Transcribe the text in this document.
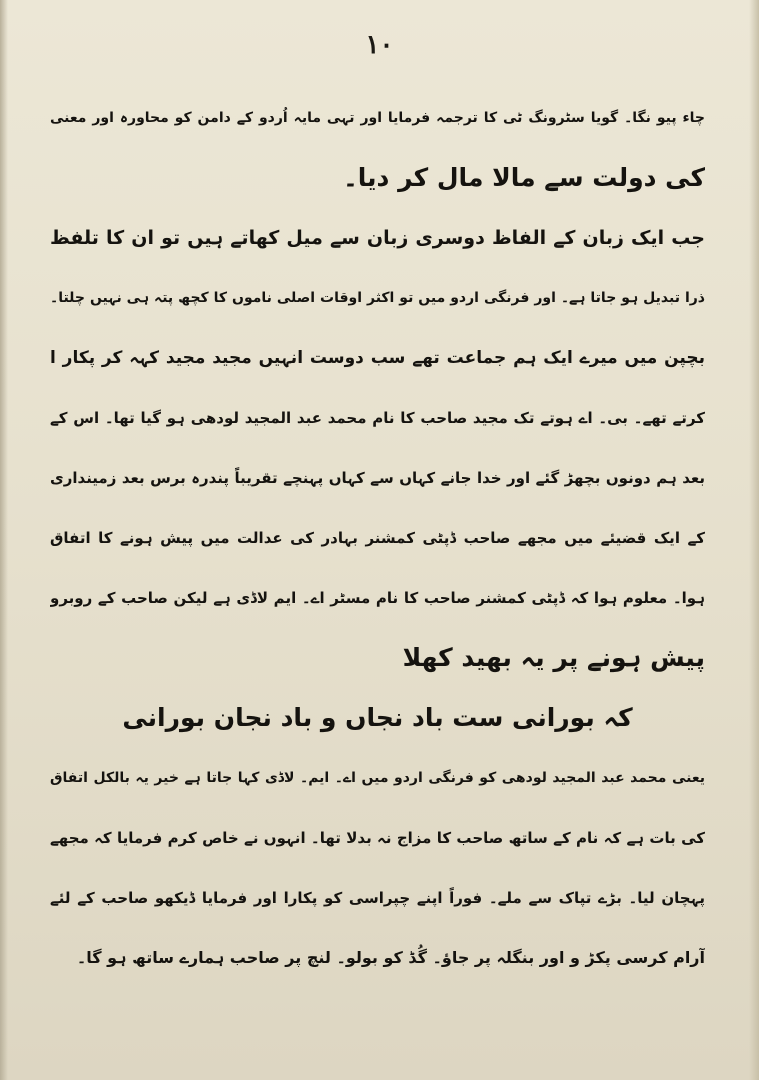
١٠
چاء پیو نگا۔ گویا سٹرونگ ٹی کا ترجمہ فرمایا اور تہی مایہ اُردو کے دامن کو محاورہ اور معنی
کی دولت سے مالا مال کر دیا۔
جب ایک زبان کے الفاظ دوسری زبان سے میل کھاتے ہیں تو ان کا تلفظ
ذرا تبدیل ہو جاتا ہے۔ اور فرنگی اردو میں تو اکثر اوقات اصلی ناموں کا کچھ پتہ ہی نہیں چلتا۔
بچپن میں میرے ایک ہم جماعت تھے سب دوست انہیں مجید مجید کہہ کر پکار ا
کرتے تھے۔ بی۔ اے ہوتے تک مجید صاحب کا نام محمد عبد المجید لودھی ہو گیا تھا۔ اس کے
بعد ہم دونوں بچھڑ گئے اور خدا جانے کہاں سے کہاں پہنچے تقریباً پندرہ برس بعد زمینداری
کے ایک قضیئے میں مجھے صاحب ڈپٹی کمشنر بہادر کی عدالت میں پیش ہونے کا اتفاق
ہوا۔ معلوم ہوا کہ ڈپٹی کمشنر صاحب کا نام مسٹر اے۔ ایم لاڈی ہے لیکن صاحب کے روبرو
پیش ہونے پر یہ بھید کھلا
کہ بورانی ست باد نجاں و باد نجان بورانی
یعنی محمد عبد المجید لودھی کو فرنگی اردو میں اے۔ ایم۔ لاڈی کہا جاتا ہے خیر یہ بالکل اتفاق
کی بات ہے کہ نام کے ساتھ صاحب کا مزاج نہ بدلا تھا۔ انہوں نے خاص کرم فرمایا کہ مجھے
پہچان لیا۔ بڑے تپاک سے ملے۔ فوراً اپنے چپراسی کو پکارا اور فرمایا ڈیکھو صاحب کے لئے
آرام کرسی پکڑ و اور بنگلہ پر جاؤ۔ گُڈ کو بولو۔ لنچ پر صاحب ہمارے ساتھ ہو گا۔
